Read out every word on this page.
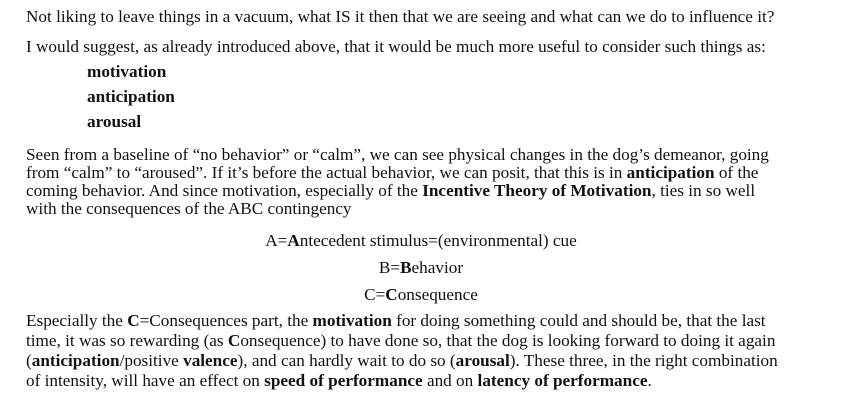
Not liking to leave things in a vacuum, what IS it then that we are seeing and what can we do to influence it?
I would suggest, as already introduced above, that it would be much more useful to consider such things as:
motivation
anticipation
arousal
Seen from a baseline of “no behavior” or “calm”, we can see physical changes in the dog’s demeanor, going
from “calm” to “aroused”. If it’s before the actual behavior, we can posit, that this is in anticipation of the
coming behavior. And since motivation, especially of the Incentive Theory of Motivation, ties in so well
with the consequences of the ABC contingency
A=Antecedent stimulus=(environmental) cue
B=Behavior
C=Consequence
Especially the C=Consequences part, the motivation for doing something could and should be, that the last
time, it was so rewarding (as Consequence) to have done so, that the dog is looking forward to doing it again
(anticipation/positive valence), and can hardly wait to do so (arousal). These three, in the right combination
of intensity, will have an effect on speed of performance and on latency of performance.
